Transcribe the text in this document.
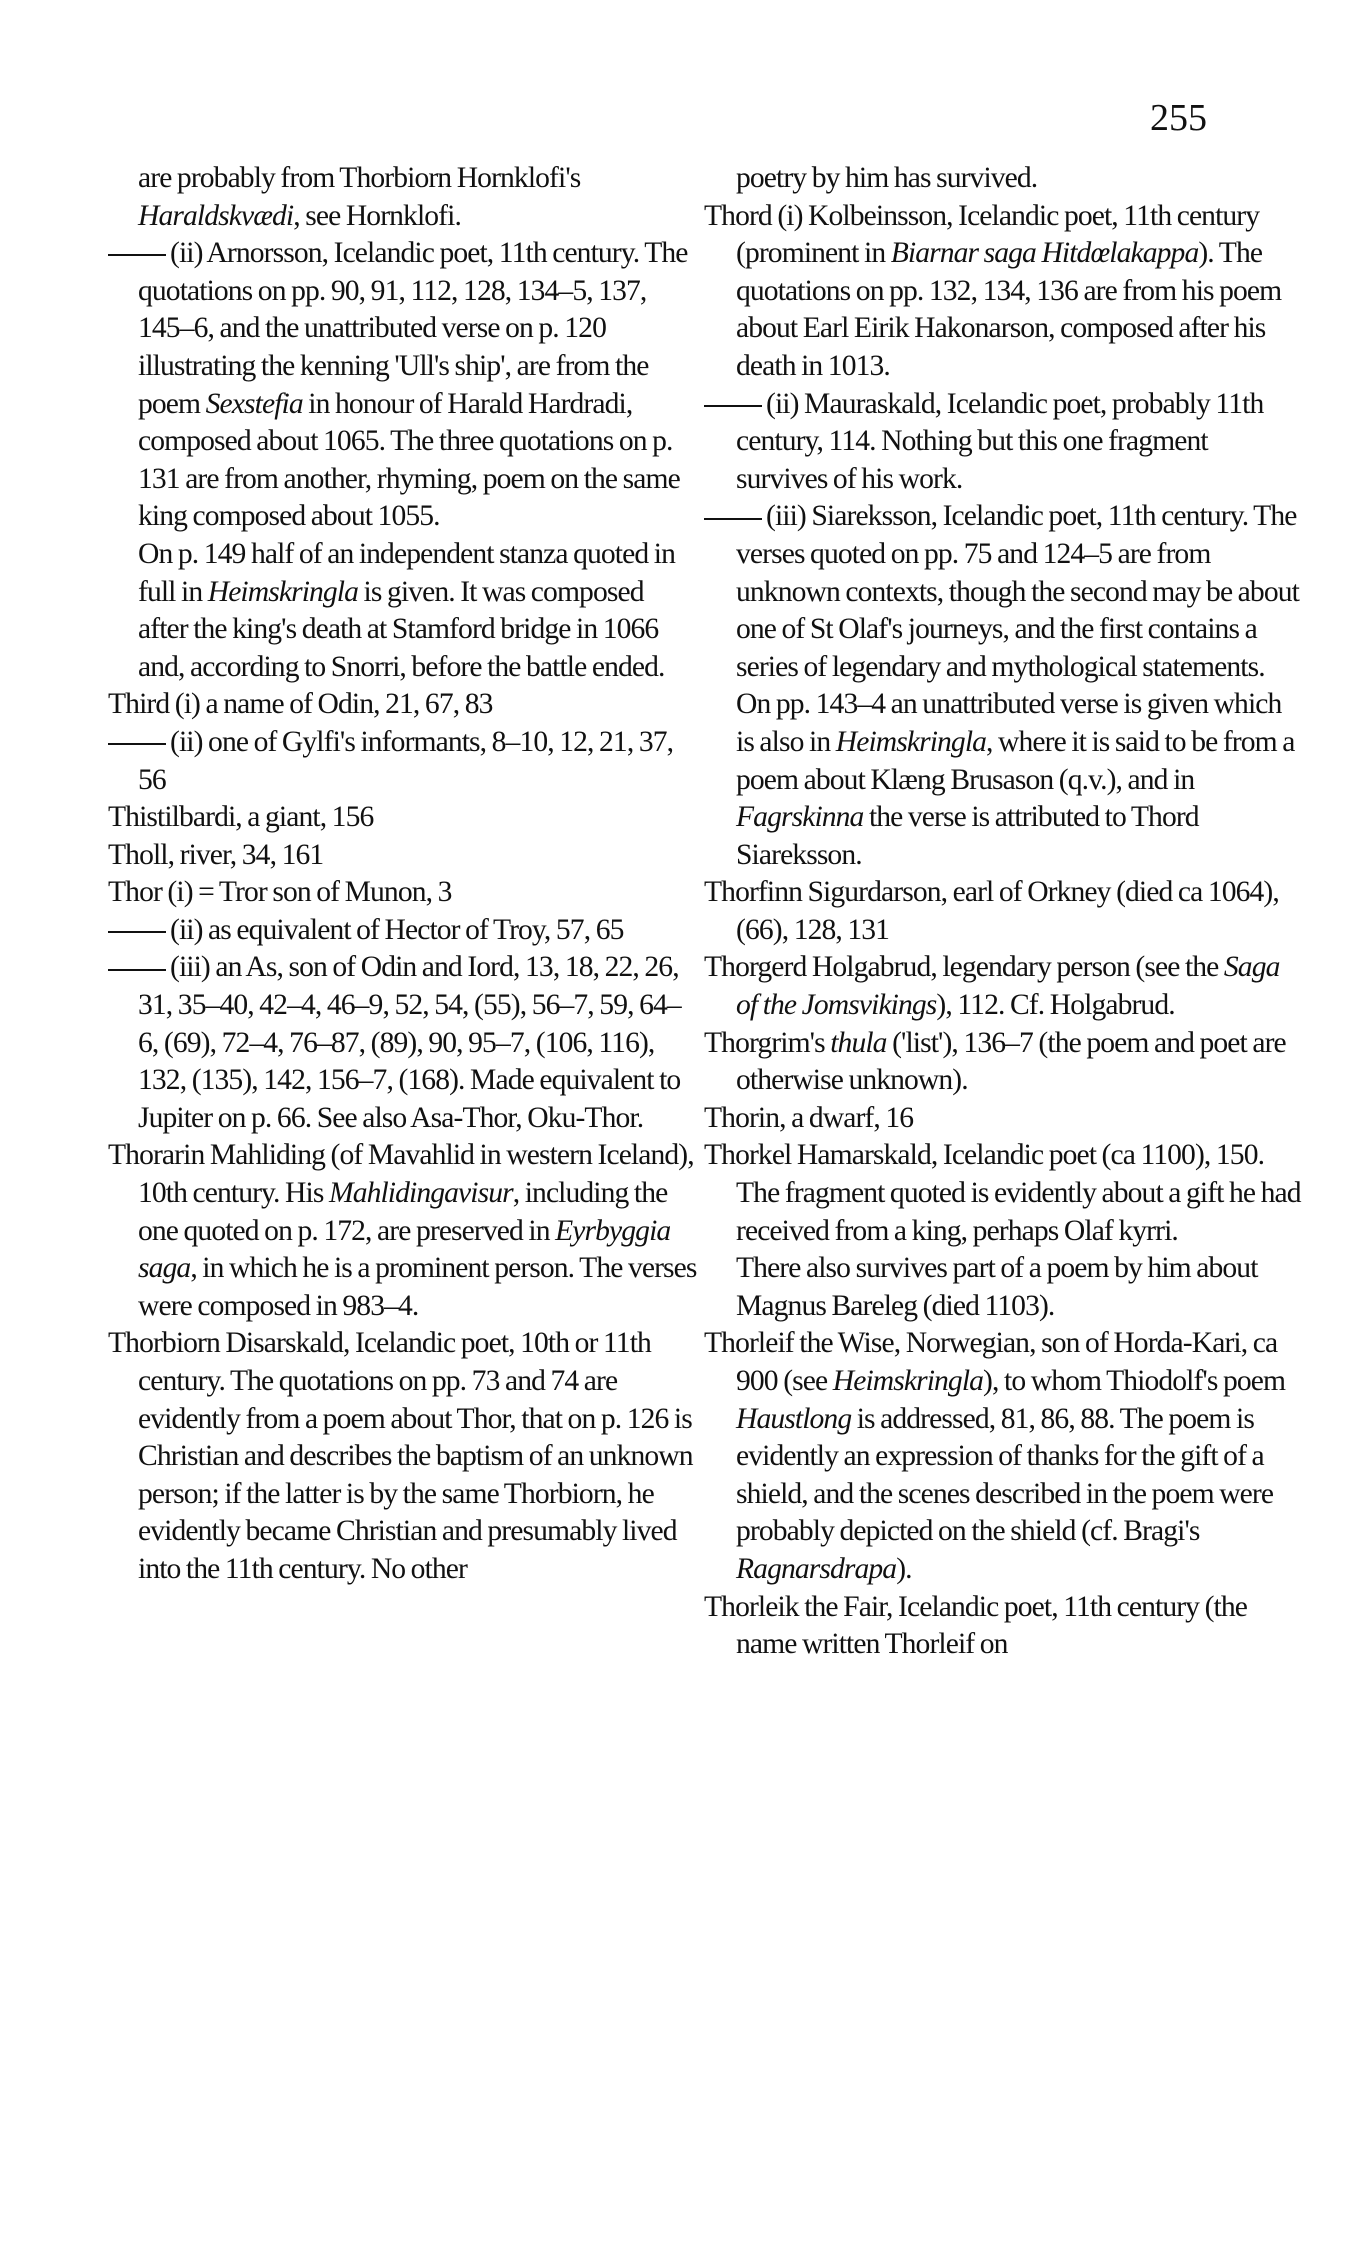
255

are probably from Thorbiorn Hornklofi's Haraldskvædi, see Hornklofi.

(ii) Arnorsson, Icelandic poet, 11th century. The quotations on pp. 90, 91, 112, 128, 134–5, 137, 145–6, and the unattributed verse on p. 120 illustrating the kenning 'Ull's ship', are from the poem Sexstefia in honour of Harald Hardradi, composed about 1065. The three quotations on p. 131 are from another, rhyming, poem on the same king composed about 1055.

On p. 149 half of an independent stanza quoted in full in Heimskringla is given. It was composed after the king's death at Stamford bridge in 1066 and, according to Snorri, before the battle ended.

Third (i) a name of Odin, 21, 67, 83

(ii) one of Gylfi's informants, 8–10, 12, 21, 37, 56

Thistilbardi, a giant, 156

Tholl, river, 34, 161

Thor (i) = Tror son of Munon, 3

(ii) as equivalent of Hector of Troy, 57, 65

(iii) an As, son of Odin and Iord, 13, 18, 22, 26, 31, 35–40, 42–4, 46–9, 52, 54, (55), 56–7, 59, 64–6, (69), 72–4, 76–87, (89), 90, 95–7, (106, 116), 132, (135), 142, 156–7, (168). Made equivalent to Jupiter on p. 66. See also Asa-Thor, Oku-Thor.

Thorarin Mahliding (of Mavahlid in western Iceland), 10th century. His Mahlidingavisur, including the one quoted on p. 172, are preserved in Eyrbyggia saga, in which he is a prominent person. The verses were composed in 983–4.

Thorbiorn Disarskald, Icelandic poet, 10th or 11th century. The quotations on pp. 73 and 74 are evidently from a poem about Thor, that on p. 126 is Christian and describes the baptism of an unknown person; if the latter is by the same Thorbiorn, he evidently became Christian and presumably lived into the 11th century. No other

poetry by him has survived.

Thord (i) Kolbeinsson, Icelandic poet, 11th century (prominent in Biarnar saga Hitdœlakappa). The quotations on pp. 132, 134, 136 are from his poem about Earl Eirik Hakonarson, composed after his death in 1013.

(ii) Mauraskald, Icelandic poet, probably 11th century, 114. Nothing but this one fragment survives of his work.

(iii) Siareksson, Icelandic poet, 11th century. The verses quoted on pp. 75 and 124–5 are from unknown contexts, though the second may be about one of St Olaf's journeys, and the first contains a series of legendary and mythological statements. On pp. 143–4 an unattributed verse is given which is also in Heimskringla, where it is said to be from a poem about Klæng Brusason (q.v.), and in Fagrskinna the verse is attributed to Thord Siareksson.

Thorfinn Sigurdarson, earl of Orkney (died ca 1064), (66), 128, 131

Thorgerd Holgabrud, legendary person (see the Saga of the Jomsvikings), 112. Cf. Holgabrud.

Thorgrim's thula ('list'), 136–7 (the poem and poet are otherwise unknown).

Thorin, a dwarf, 16

Thorkel Hamarskald, Icelandic poet (ca 1100), 150. The fragment quoted is evidently about a gift he had received from a king, perhaps Olaf kyrri.

There also survives part of a poem by him about Magnus Bareleg (died 1103).

Thorleif the Wise, Norwegian, son of Horda-Kari, ca 900 (see Heimskringla), to whom Thiodolf's poem Haustlong is addressed, 81, 86, 88. The poem is evidently an expression of thanks for the gift of a shield, and the scenes described in the poem were probably depicted on the shield (cf. Bragi's Ragnarsdrapa).

Thorleik the Fair, Icelandic poet, 11th century (the name written Thorleif on
